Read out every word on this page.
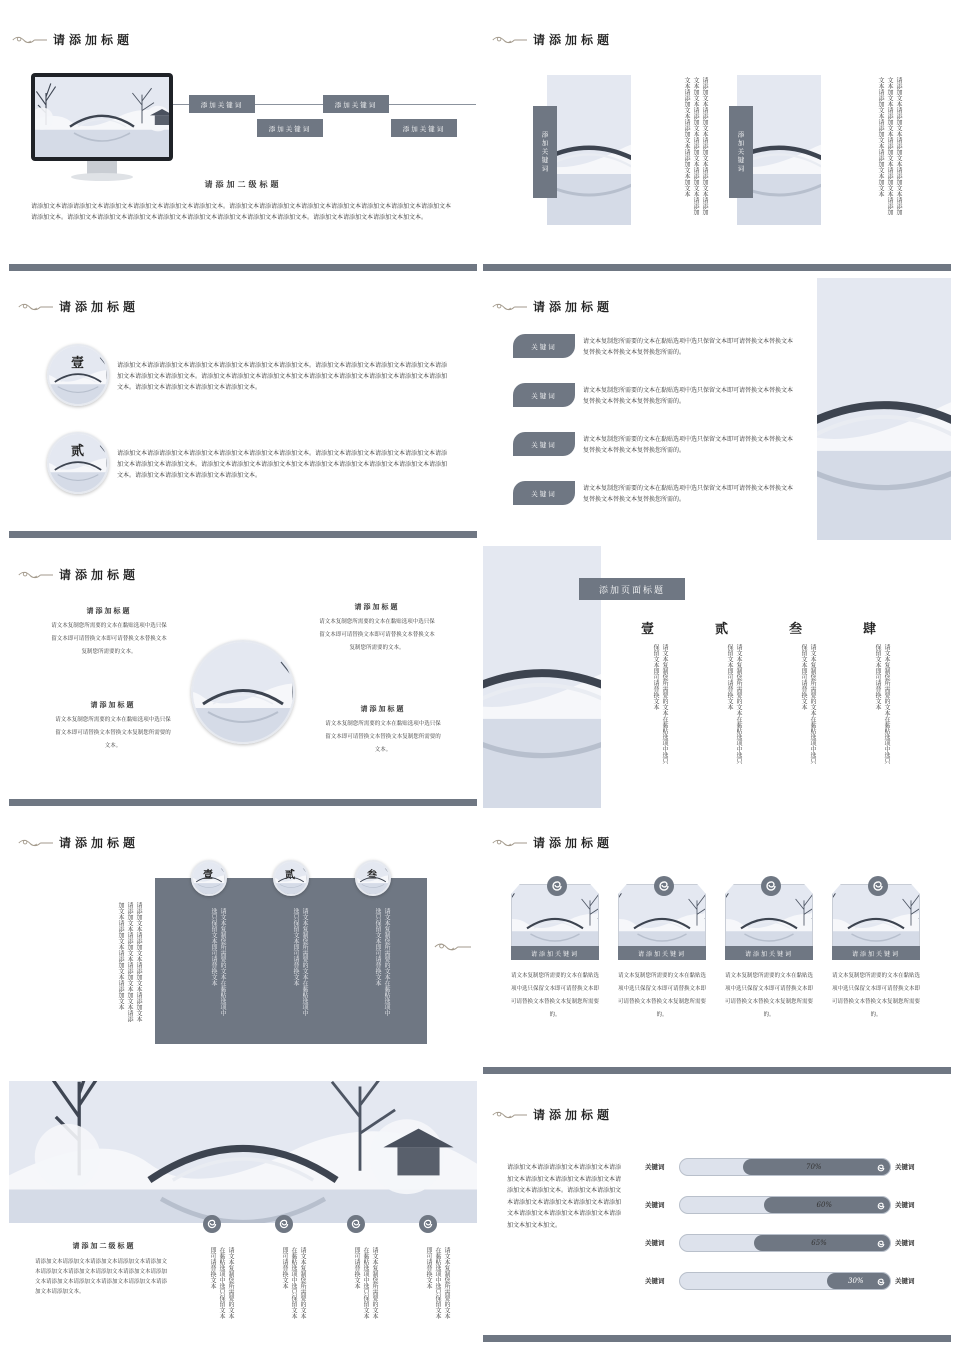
请添加标题
添加关键词
添加关键词
添加关键词
添加关键词
请添加二级标题
请添加文本请添请添加文本请添加文本请添加文本请添加文本请添加文本。请添加文本请添请添加文本请添加文本请添加文本请添加文本请添加文本请添加文本请添加文本。请添加文本请添加文本请添加文本请添加文本请添加文本请添加文本请添加文本请添加文本。请添加文本请添加文本请添加文本加文本。
请添加标题
添加关键词	请添加文本请添加文本请添加文本请添加文本请添加文本加文本请添加文本请添加文本请添加文本请添加文本请添加文本请添加文本请添加文本加文本	添加关键词	请添加文本请添加文本请添加文本请添加文本请添加文本加文本请添加文本请添加文本请添加文本请添加文本请添加文本请添加文本请添加文本加文本
请添加标题
壹	请添加文本请添请添加文本请添加文本请添加文本请添加文本请添加文本。请添加文本请添加文本请添加文本请添加文本请添加文本请添加文本请添加文本。请添加文本请添加文本请添加文本加文本请添加文本请添加文本请添加文本请添加文本请添加文本。请添加文本请添加文本请添加文本请添加文本。
贰	请添加文本请添请添加文本请添加文本请添加文本请添加文本请添加文本。请添加文本请添加文本请添加文本请添加文本请添加文本请添加文本请添加文本。请添加文本请添加文本请添加文本加文本请添加文本请添加文本请添加文本请添加文本请添加文本。请添加文本请添加文本请添加文本请添加文本。
请添加标题
关键词
请文本复制您所需要的文本在黏贴选项中选只保留文本即可请替换文本替换文本复替换文本替换文本复替换您所需的。
关键词
请文本复制您所需要的文本在黏贴选项中选只保留文本即可请替换文本替换文本复替换文本替换文本复替换您所需的。
关键词
请文本复制您所需要的文本在黏贴选项中选只保留文本即可请替换文本替换文本复替换文本替换文本复替换您所需的。
关键词
请文本复制您所需要的文本在黏贴选项中选只保留文本即可请替换文本替换文本复替换文本替换文本复替换您所需的。
请添加标题
请添加标题
请文本复制您所需要的文本在黏贴选项中选只保留文本即可请替换文本即可请替换文本替换文本复制您所需要的文本。
请添加标题
请文本复制您所需要的文本在黏贴选项中选只保留文本即可请替换文本即可请替换文本替换文本复制您所需要的文本。
请添加标题
请文本复制您所需要的文本在黏贴选项中选只保留文本即可请替换文本替换文本复制您所需要的文本。
请添加标题
请文本复制您所需要的文本在黏贴选项中选只保留文本即可请替换文本替换文本复制您所需要的文本。
添加页面标题
壹
请文本复制您所需要的文本在黏贴选项中选只保留文本即可请替换文本
贰
请文本复制您所需要的文本在黏贴选项中选只保留文本即可请替换文本
叁
请文本复制您所需要的文本在黏贴选项中选只保留文本即可请替换文本
肆
请文本复制您所需要的文本在黏贴选项中选只保留文本即可请替换文本
请添加标题
请添加文本请添加文本请添加文本请添加文本请添加文本请添加文本请添加文本加文本请添加文本请添加文本请添加文本请添加文本
壹
请文本复制您所需要的文本在黏贴选项中选只保留文本即可请替换文本
贰
请文本复制您所需要的文本在黏贴选项中选只保留文本即可请替换文本
叁
请文本复制您所需要的文本在黏贴选项中选只保留文本即可请替换文本
请添加标题
请添加关键词
请文本复制您所需要的文本在黏贴选项中选只保留文本即可请替换文本即可请替换文本替换文本复制您所需要的。
请添加关键词
请文本复制您所需要的文本在黏贴选项中选只保留文本即可请替换文本即可请替换文本替换文本复制您所需要的。
请添加关键词
请文本复制您所需要的文本在黏贴选项中选只保留文本即可请替换文本即可请替换文本替换文本复制您所需要的。
请添加关键词
请文本复制您所需要的文本在黏贴选项中选只保留文本即可请替换文本即可请替换文本替换文本复制您所需要的。
请添加二级标题
请添加文本请添加文本请添加文本请添加文本请添加文本请添加文本请添加文本请添加文本请添加文本请添加文本请添加文本请添加文本请添加文本请添加文本请添加文本请添加文本。	请文本复制您所需要的文本在黏贴选项中选只保留文本即可请替换文本	请文本复制您所需要的文本在黏贴选项中选只保留文本即可请替换文本	请文本复制您所需要的文本在黏贴选项中选只保留文本即可请替换文本	请文本复制您所需要的文本在黏贴选项中选只保留文本即可请替换文本
请添加标题
请添加文本请添请添加文本请添加文本请添加文本请添加文本请添加文本请添加文本请添加文本请添加文本。请添加文本请添加文本请添加文本请添加文本请添加文本请添加文本请添加文本请添加文本请添加文本请添加文本加文本加文。
关键词	70%	关键词
关键词	60%	关键词
关键词	65%	关键词
关键词	30%	关键词
